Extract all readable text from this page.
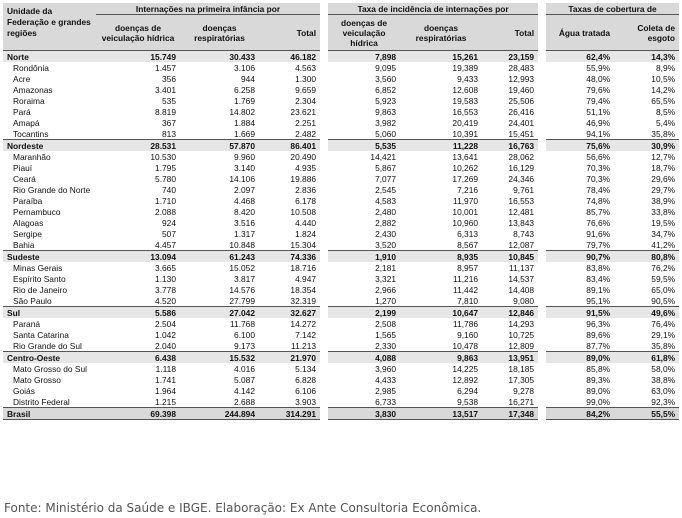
Unidade da Federação e grandes regiões	Internações na primeira infância por				Taxa de incidência de internações por				Taxas de cobertura de	
	doenças de veiculação hídrica	doenças respiratórias	Total		doenças de veiculação hídrica	doenças respiratórias	Total		Água tratada	Coleta de esgoto
Norte	15.749	30.433	46.182		7,898	15,261	23,159		62,4%	14,3%
Rondônia	1.457	3.106	4.563		9,095	19,389	28,483		55,9%	8,9%
Acre	356	944	1.300		3,560	9,433	12,993		48,0%	10,5%
Amazonas	3.401	6.258	9.659		6,852	12,608	19,460		79,6%	14,2%
Roraima	535	1.769	2.304		5,923	19,583	25,506		79,4%	65,5%
Pará	8.819	14.802	23.621		9,863	16,553	26,416		51,1%	8,5%
Amapá	367	1.884	2.251		3,982	20,419	24,401		46,9%	5,4%
Tocantins	813	1.669	2.482		5,060	10,391	15,451		94,1%	35,8%
Nordeste	28.531	57.870	86.401		5,535	11,228	16,763		75,6%	30,9%
Maranhão	10.530	9.960	20.490		14,421	13,641	28,062		56,6%	12,7%
Piauí	1.795	3.140	4.935		5,867	10,262	16,129		70,3%	18,7%
Ceará	5.780	14.106	19.886		7,077	17,269	24,346		70,3%	29,6%
Rio Grande do Norte	740	2.097	2.836		2,545	7,216	9,761		78,4%	29,7%
Paraíba	1.710	4.468	6.178		4,583	11,970	16,553		74,8%	38,9%
Pernambuco	2.088	8.420	10.508		2,480	10,001	12,481		85,7%	33,8%
Alagoas	924	3.516	4.440		2,882	10,960	13,843		76,6%	19,5%
Sergipe	507	1.317	1.824		2,430	6,313	8,743		91,6%	34,7%
Bahia	4.457	10.848	15.304		3,520	8,567	12,087		79,7%	41,2%
Sudeste	13.094	61.243	74.336		1,910	8,935	10,845		90,7%	80,8%
Minas Gerais	3.665	15.052	18.716		2,181	8,957	11,137		83,8%	76,2%
Espírito Santo	1.130	3.817	4.947		3,321	11,216	14,537		83,4%	59,5%
Rio de Janeiro	3.778	14.576	18.354		2,966	11,442	14,408		89,1%	65,0%
São Paulo	4.520	27.799	32.319		1,270	7,810	9,080		95,1%	90,5%
Sul	5.586	27.042	32.627		2,199	10,647	12,846		91,5%	49,6%
Paraná	2.504	11.768	14.272		2,508	11,786	14,293		96,3%	76,4%
Santa Catarina	1.042	6.100	7.142		1,565	9,160	10,725		89,6%	29,1%
Rio Grande do Sul	2.040	9.173	11.213		2,330	10,478	12,809		87,7%	35,8%
Centro-Oeste	6.438	15.532	21.970		4,088	9,863	13,951		89,0%	61,8%
Mato Grosso do Sul	1.118	4.016	5.134		3,960	14,225	18,185		85,8%	58,0%
Mato Grosso	1.741	5.087	6.828		4,433	12,892	17,305		89,3%	38,8%
Goiás	1.964	4.142	6.106		2,985	6,294	9,278		89,0%	63,0%
Distrito Federal	1.215	2.688	3.903		6,733	9,538	16,271		99,0%	92,3%
Brasil	69.398	244.894	314.291		3,830	13,517	17,348		84,2%	55,5%
Fonte: Ministério da Saúde e IBGE. Elaboração: Ex Ante Consultoria Econômica.
